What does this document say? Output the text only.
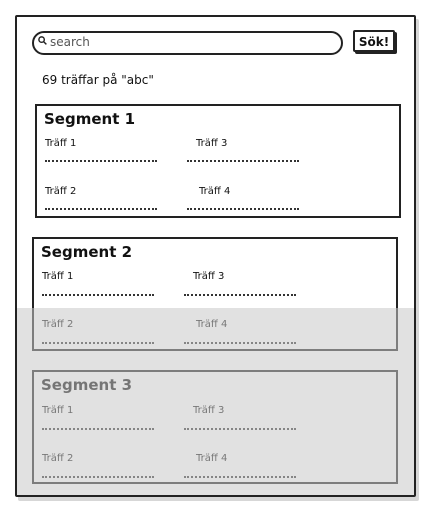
search
Sök!
69 träffar på "abc"
Segment 1
Träff 1	Träff 3
Träff 2	Träff 4
Segment 2
Träff 1	Träff 3
